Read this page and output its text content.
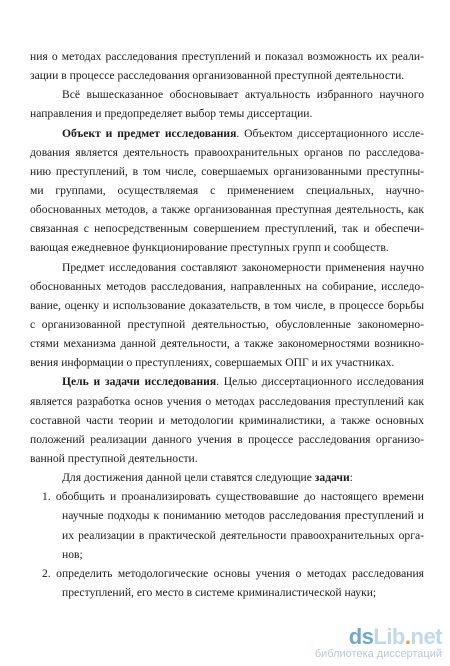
ния о методах расследования преступлений и показал возможность их реали-
зации в процессе расследования организованной преступной деятельности.
Всё вышесказанное обосновывает актуальность избранного научного
направления и предопределяет выбор темы диссертации.
Объект и предмет исследования. Объектом диссертационного иссле-
дования является деятельность правоохранительных органов по расследова-
нию преступлений, в том числе, совершаемых организованными преступны-
ми группами, осуществляемая с применением специальных, научно-
обоснованных методов, а также организованная преступная деятельность, как
связанная с непосредственным совершением преступлений, так и обеспечи-
вающая ежедневное функционирование преступных групп и сообществ.
Предмет исследования составляют закономерности применения научно
обоснованных методов расследования, направленных на собирание, исследо-
вание, оценку и использование доказательств, в том числе, в процессе борьбы
с организованной преступной деятельностью, обусловленные закономерно-
стями механизма данной деятельности, а также закономерностями возникно-
вения информации о преступлениях, совершаемых ОПГ и их участниках.
Цель и задачи исследования. Целью диссертационного исследования
является разработка основ учения о методах расследования преступлений как
составной части теории и методологии криминалистики, а также основных
положений реализации данного учения в процессе расследования организо-
ванной преступной деятельности.
Для достижения данной цели ставятся следующие задачи:
1. обобщить и проанализировать существовавшие до настоящего времени
научные подходы к пониманию методов расследования преступлений и
их реализации в практической деятельности правоохранительных орга-
нов;
2. определить методологические основы учения о методах расследования
преступлений, его место в системе криминалистической науки;
dsLib.net
библиотека диссертаций
